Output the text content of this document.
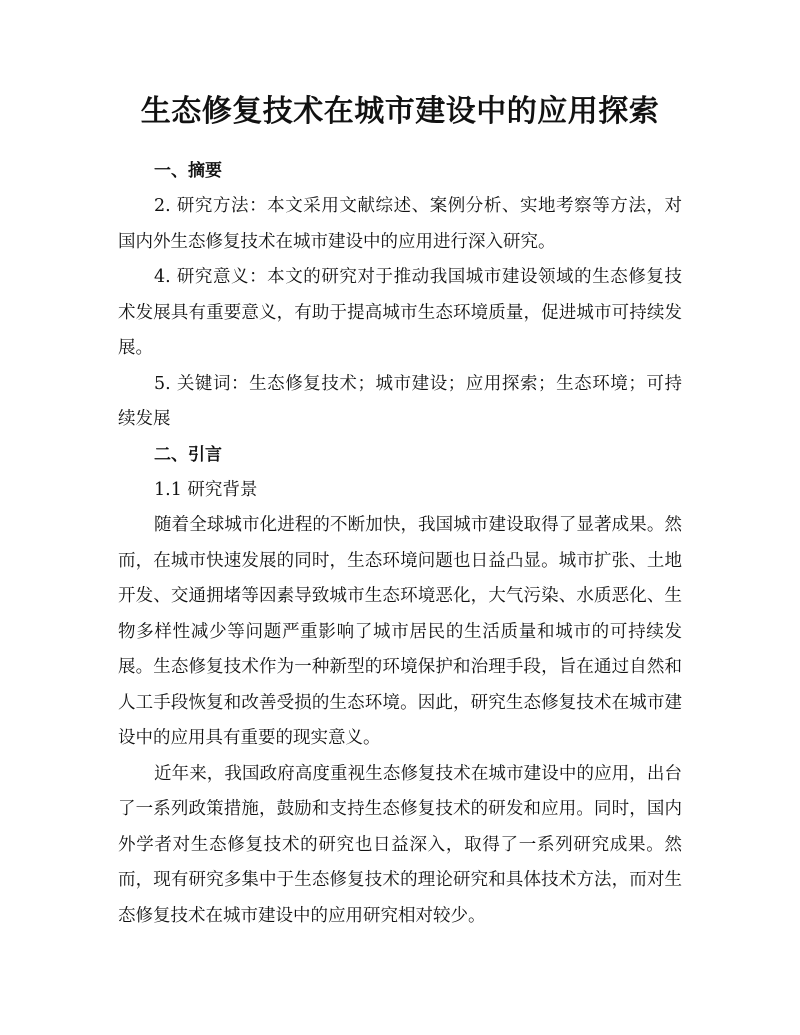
生态修复技术在城市建设中的应用探索
一、摘要

2. 研究方法：本文采用文献综述、案例分析、实地考察等方法，对国内外生态修复技术在城市建设中的应用进行深入研究。

4. 研究意义：本文的研究对于推动我国城市建设领域的生态修复技术发展具有重要意义，有助于提高城市生态环境质量，促进城市可持续发展。

5. 关键词：生态修复技术；城市建设；应用探索；生态环境；可持续发展

二、引言

1.1 研究背景

随着全球城市化进程的不断加快，我国城市建设取得了显著成果。然而，在城市快速发展的同时，生态环境问题也日益凸显。城市扩张、土地开发、交通拥堵等因素导致城市生态环境恶化，大气污染、水质恶化、生物多样性减少等问题严重影响了城市居民的生活质量和城市的可持续发展。生态修复技术作为一种新型的环境保护和治理手段，旨在通过自然和人工手段恢复和改善受损的生态环境。因此，研究生态修复技术在城市建设中的应用具有重要的现实意义。

近年来，我国政府高度重视生态修复技术在城市建设中的应用，出台了一系列政策措施，鼓励和支持生态修复技术的研发和应用。同时，国内外学者对生态修复技术的研究也日益深入，取得了一系列研究成果。然而，现有研究多集中于生态修复技术的理论研究和具体技术方法，而对生态修复技术在城市建设中的应用研究相对较少。
